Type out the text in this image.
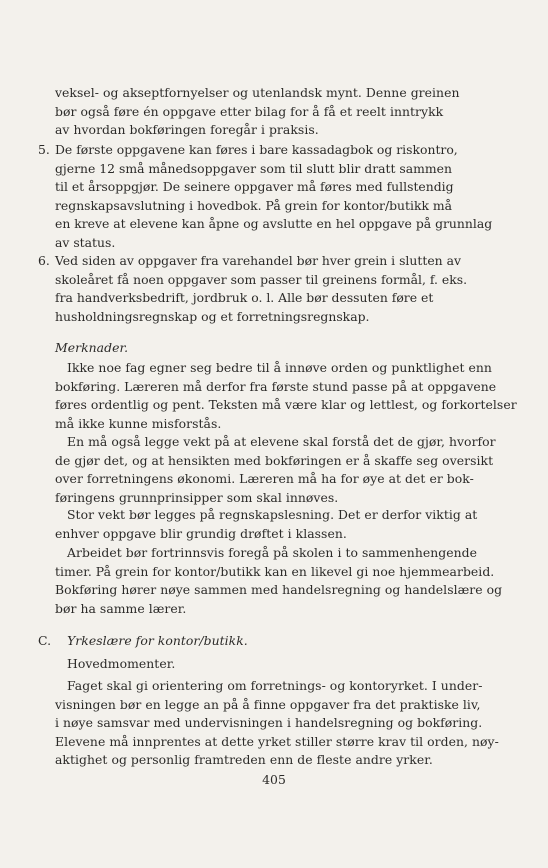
veksel- og akseptfornyelser og utenlandsk mynt. Denne greinen
bør også føre én oppgave etter bilag for å få et reelt inntrykk
av hvordan bokføringen foregår i praksis.
5. De første oppgavene kan føres i bare kassadagbok og riskontro,
gjerne 12 små månedsoppgaver som til slutt blir dratt sammen
til et årsoppgjør. De seinere oppgaver må føres med fullstendig
regnskapsavslutning i hovedbok. På grein for kontor/butikk må
en kreve at elevene kan åpne og avslutte en hel oppgave på grunnlag
av status.
6. Ved siden av oppgaver fra varehandel bør hver grein i slutten av
skoleåret få noen oppgaver som passer til greinens formål, f. eks.
fra handverksbedrift, jordbruk o. l. Alle bør dessuten føre et
husholdningsregnskap og et forretningsregnskap.
Merknader.
Ikke noe fag egner seg bedre til å innøve orden og punktlighet enn
bokføring. Læreren må derfor fra første stund passe på at oppgavene
føres ordentlig og pent. Teksten må være klar og lettlest, og forkortelser
må ikke kunne misforstås.
En må også legge vekt på at elevene skal forstå det de gjør, hvorfor
de gjør det, og at hensikten med bokføringen er å skaffe seg oversikt
over forretningens økonomi. Læreren må ha for øye at det er bok-
føringens grunnprinsipper som skal innøves.
Stor vekt bør legges på regnskapslesning. Det er derfor viktig at
enhver oppgave blir grundig drøftet i klassen.
Arbeidet bør fortrinnsvis foregå på skolen i to sammenhengende
timer. På grein for kontor/butikk kan en likevel gi noe hjemmearbeid.
Bokføring hører nøye sammen med handelsregning og handelslære og
bør ha samme lærer.
C. Yrkeslære for kontor/butikk.
Hovedmomenter.
Faget skal gi orientering om forretnings- og kontoryrket. I under-
visningen bør en legge an på å finne oppgaver fra det praktiske liv,
i nøye samsvar med undervisningen i handelsregning og bokføring.
Elevene må innprentes at dette yrket stiller større krav til orden, nøy-
aktighet og personlig framtreden enn de fleste andre yrker.
405
